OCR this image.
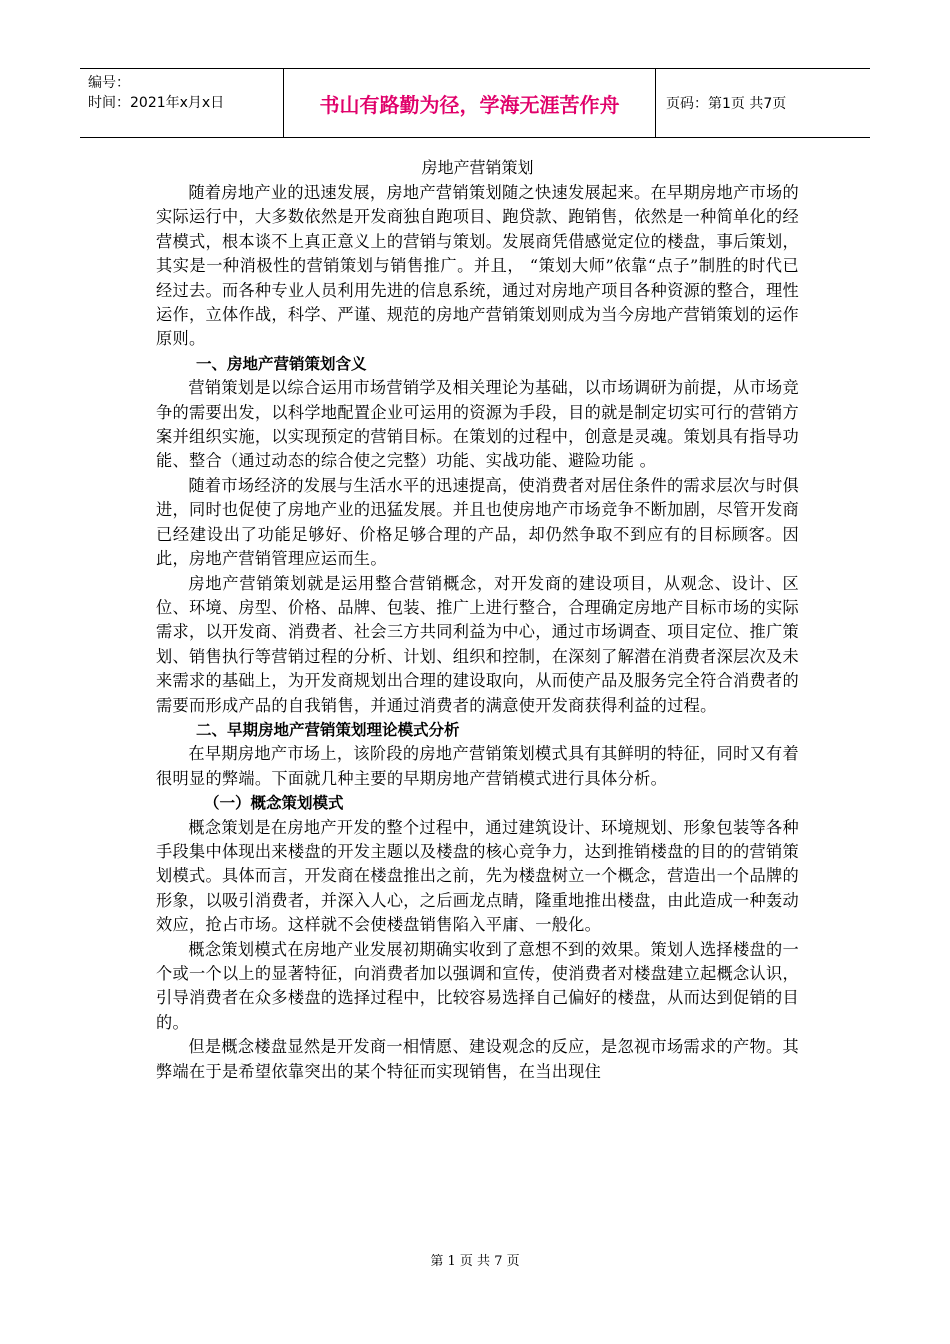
编号：
时间：2021年x月x日	书山有路勤为径，学海无涯苦作舟	页码：第1页 共7页
房地产营销策划

随着房地产业的迅速发展，房地产营销策划随之快速发展起来。在早期房地产市场的实际运行中，大多数依然是开发商独自跑项目、跑贷款、跑销售，依然是一种简单化的经营模式，根本谈不上真正意义上的营销与策划。发展商凭借感觉定位的楼盘，事后策划，其实是一种消极性的营销策划与销售推广。并且， “策划大师”依靠“点子”制胜的时代已经过去。而各种专业人员利用先进的信息系统，通过对房地产项目各种资源的整合，理性运作，立体作战，科学、严谨、规范的房地产营销策划则成为当今房地产营销策划的运作原则。

一、房地产营销策划含义

营销策划是以综合运用市场营销学及相关理论为基础，以市场调研为前提，从市场竞争的需要出发，以科学地配置企业可运用的资源为手段，目的就是制定切实可行的营销方案并组织实施，以实现预定的营销目标。在策划的过程中，创意是灵魂。策划具有指导功能、整合（通过动态的综合使之完整）功能、实战功能、避险功能 。

随着市场经济的发展与生活水平的迅速提高，使消费者对居住条件的需求层次与时俱进，同时也促使了房地产业的迅猛发展。并且也使房地产市场竞争不断加剧，尽管开发商已经建设出了功能足够好、价格足够合理的产品，却仍然争取不到应有的目标顾客。因此，房地产营销管理应运而生。

房地产营销策划就是运用整合营销概念，对开发商的建设项目，从观念、设计、区位、环境、房型、价格、品牌、包装、推广上进行整合，合理确定房地产目标市场的实际需求，以开发商、消费者、社会三方共同利益为中心，通过市场调查、项目定位、推广策划、销售执行等营销过程的分析、计划、组织和控制，在深刻了解潜在消费者深层次及未来需求的基础上，为开发商规划出合理的建设取向，从而使产品及服务完全符合消费者的需要而形成产品的自我销售，并通过消费者的满意使开发商获得利益的过程。

二、早期房地产营销策划理论模式分析

在早期房地产市场上，该阶段的房地产营销策划模式具有其鲜明的特征，同时又有着很明显的弊端。下面就几种主要的早期房地产营销模式进行具体分析。

（一）概念策划模式

概念策划是在房地产开发的整个过程中，通过建筑设计、环境规划、形象包装等各种手段集中体现出来楼盘的开发主题以及楼盘的核心竞争力，达到推销楼盘的目的的营销策划模式。具体而言，开发商在楼盘推出之前，先为楼盘树立一个概念，营造出一个品牌的形象，以吸引消费者，并深入人心，之后画龙点睛，隆重地推出楼盘，由此造成一种轰动效应，抢占市场。这样就不会使楼盘销售陷入平庸、一般化。

概念策划模式在房地产业发展初期确实收到了意想不到的效果。策划人选择楼盘的一个或一个以上的显著特征，向消费者加以强调和宣传，使消费者对楼盘建立起概念认识，引导消费者在众多楼盘的选择过程中，比较容易选择自己偏好的楼盘，从而达到促销的目的。

但是概念楼盘显然是开发商一相情愿、建设观念的反应，是忽视市场需求的产物。其弊端在于是希望依靠突出的某个特征而实现销售，在当出现住

第 1 页 共 7 页
